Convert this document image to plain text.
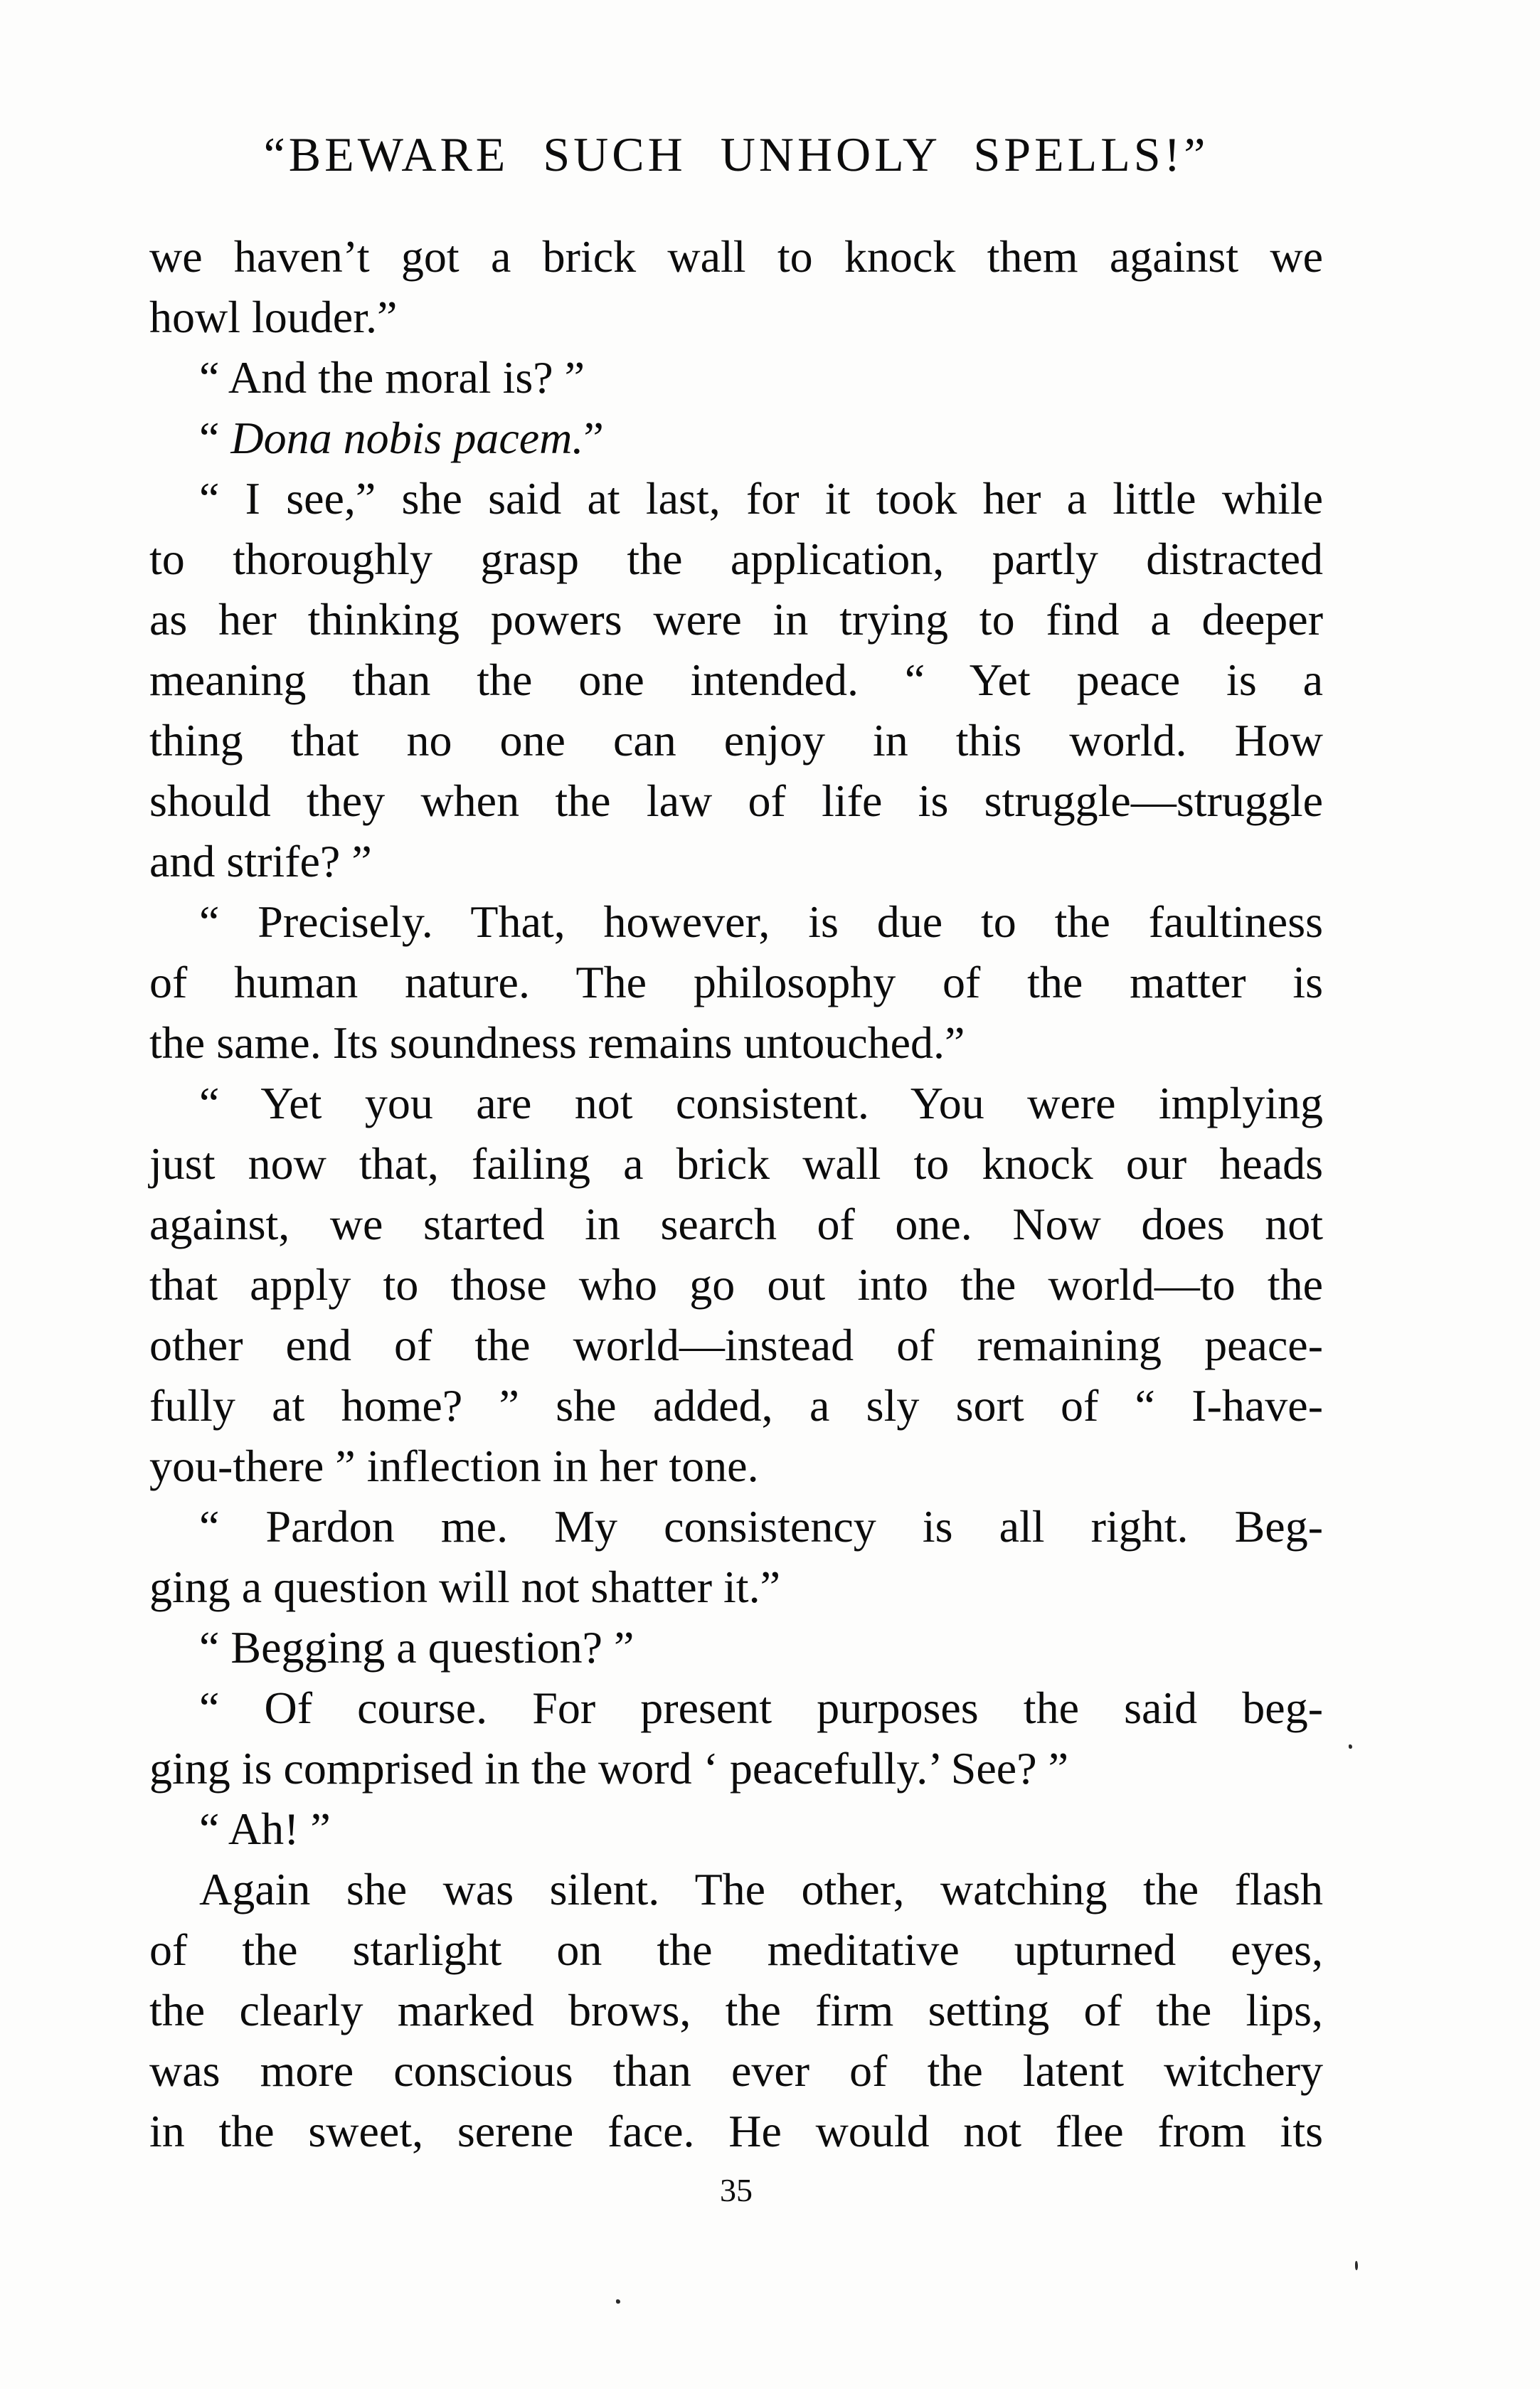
“BEWARE SUCH UNHOLY SPELLS!”
we haven’t got a brick wall to knock them against we
howl louder.”
“ And the moral is? ”
“ Dona nobis pacem.”
“ I see,” she said at last, for it took her a little while
to thoroughly grasp the application, partly distracted
as her thinking powers were in trying to find a deeper
meaning than the one intended. “ Yet peace is a
thing that no one can enjoy in this world. How
should they when the law of life is struggle—struggle
and strife? ”
“ Precisely. That, however, is due to the faultiness
of human nature. The philosophy of the matter is
the same. Its soundness remains untouched.”
“ Yet you are not consistent. You were implying
just now that, failing a brick wall to knock our heads
against, we started in search of one. Now does not
that apply to those who go out into the world—to the
other end of the world—instead of remaining peace-
fully at home? ” she added, a sly sort of “ I-have-
you-there ” inflection in her tone.
“ Pardon me. My consistency is all right. Beg-
ging a question will not shatter it.”
“ Begging a question? ”
“ Of course. For present purposes the said beg-
ging is comprised in the word ‘ peacefully.’ See? ”
“ Ah! ”
Again she was silent. The other, watching the flash
of the starlight on the meditative upturned eyes,
the clearly marked brows, the firm setting of the lips,
was more conscious than ever of the latent witchery
in the sweet, serene face. He would not flee from its
35
